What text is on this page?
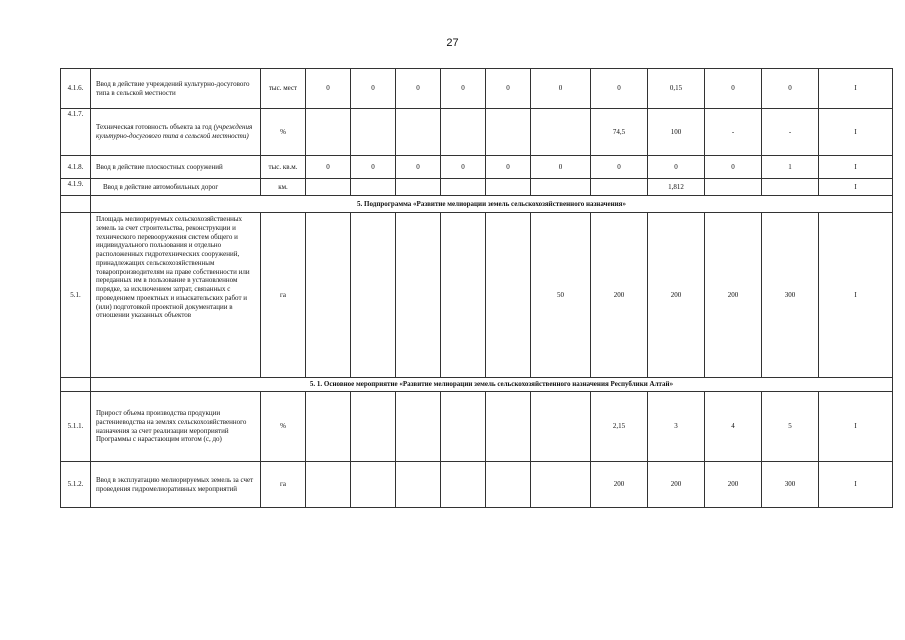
27
4.1.6.	Ввод в действие учреждений культурно-досугового типа в сельской местности	тыс. мест	0	0	0	0	0	0	0	0,15	0	0	I
4.1.7.	Техническая готовность объекта за год (учреждения культурно-досугового типа в сельской местности)	%							74,5	100	-	-	I
4.1.8.	Ввод в действие плоскостных сооружений	тыс. кв.м.	0	0	0	0	0	0	0	0	0	1	I
4.1.9.	Ввод в действие автомобильных дорог	км.								1,812			I
	5. Подпрограмма «Развитие мелиорации земель сельскохозяйственного назначения»												
5.1.	Площадь мелиорируемых сельскохозяйственных земель за счет строительства, реконструкции и технического перевооружения систем общего и индивидуального пользования и отдельно расположенных гидротехнических сооружений, принадлежащих сельскохозяйственным товаропроизводителям на праве собственности или переданных им в пользование в установленном порядке, за исключением затрат, связанных с проведением проектных и изыскательских работ и (или) подготовкой проектной документации в отношении указанных объектов	га						50	200	200	200	300	I
	5. 1. Основное мероприятие «Развитие мелиорации земель сельскохозяйственного назначения Республики Алтай»												
5.1.1.	Прирост объема производства продукции растениеводства на землях сельскохозяйственного назначения за счет реализации мероприятий Программы с нарастающим итогом (с, до)	%							2,15	3	4	5	I
5.1.2.	Ввод в эксплуатацию мелиорируемых земель за счет проведения гидромелиоративных мероприятий	га							200	200	200	300	I
